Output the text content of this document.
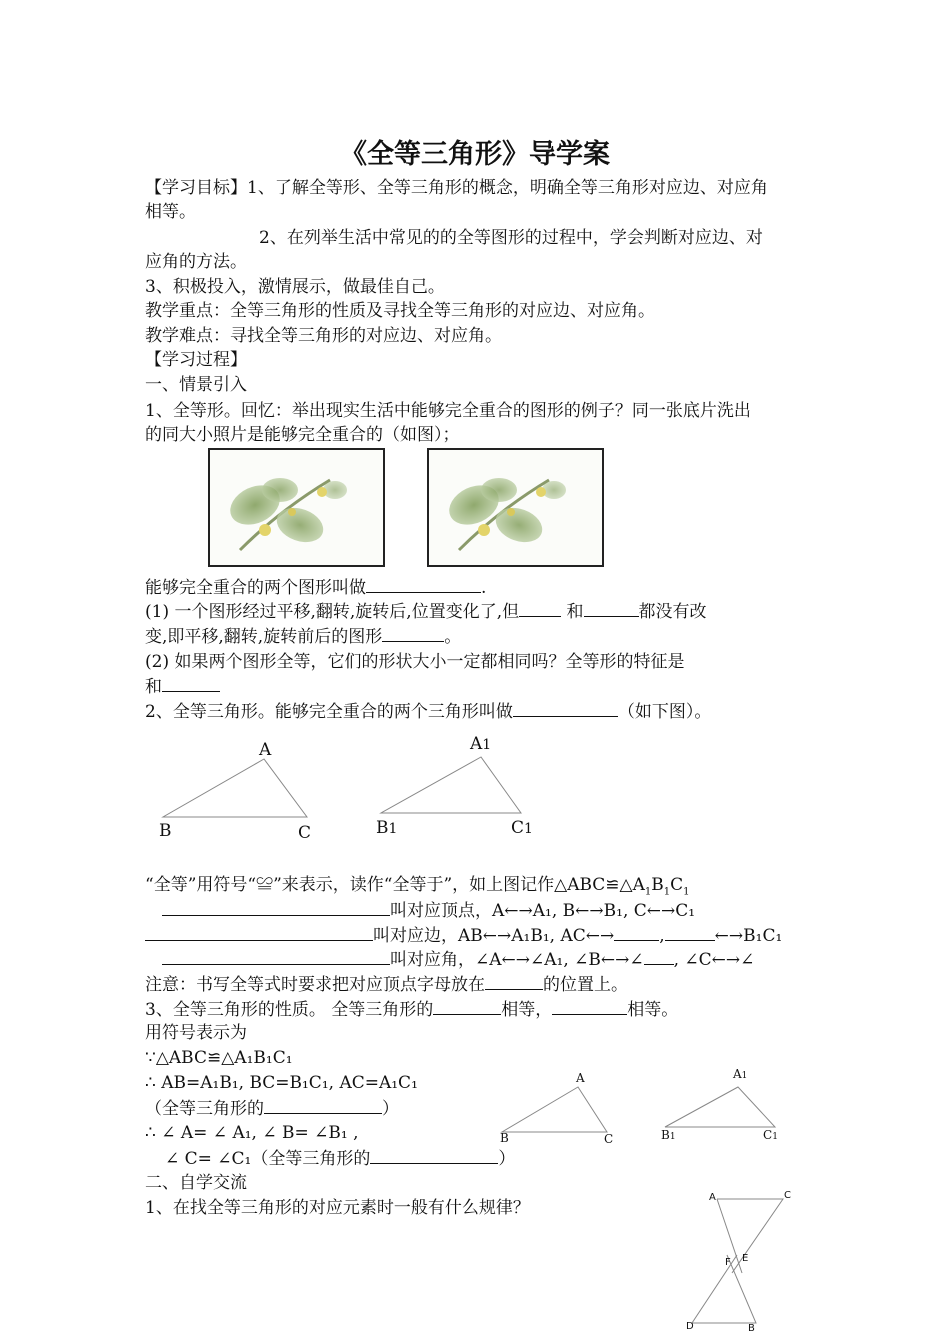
《全等三角形》导学案
【学习目标】1、了解全等形、全等三角形的概念，明确全等三角形对应边、对应角
相等。
2、在列举生活中常见的的全等图形的过程中，学会判断对应边、对
应角的方法。
3、积极投入，激情展示，做最佳自己。
教学重点：全等三角形的性质及寻找全等三角形的对应边、对应角。
教学难点：寻找全等三角形的对应边、对应角。
【学习过程】
一、情景引入
1、全等形。回忆：举出现实生活中能够完全重合的图形的例子？同一张底片洗出
的同大小照片是能够完全重合的（如图）；
能够完全重合的两个图形叫做	.
(1) 一个图形经过平移,翻转,旋转后,位置变化了,但 和	都没有改
变,即平移,翻转,旋转前后的图形	。
(2) 如果两个图形全等，它们的形状大小一定都相同吗？全等形的特征是
和
2、全等三角形。能够完全重合的两个三角形叫做	（如下图）。
A
B	C
A1
B1	C1
“全等”用符号“≌”来表示，读作“全等于”，如上图记作$\triangle ABC≌\triangle A_1B_1C_1$
叫对应顶点，A←→A₁, B←→B₁, C←→C₁
叫对应边，AB←→A₁B₁, AC←→	,	←→B₁C₁
叫对应角，∠A←→∠A₁, ∠B←→∠ , ∠C←→∠
注意：书写全等式时要求把对应顶点字母放在	的位置上。
3、全等三角形的性质。 全等三角形的	相等，	相等。
用符号表示为
∵△ABC≌△A₁B₁C₁
∴ AB=A₁B₁, BC=B₁C₁, AC=A₁C₁
（全等三角形的	）
∴ ∠ A= ∠ A₁, ∠ B= ∠B₁ ,
∠ C= ∠C₁（全等三角形的	）
A
B	C
A1
B1	C1
二、自学交流
1、在找全等三角形的对应元素时一般有什么规律？
A	C
F E
D	B
